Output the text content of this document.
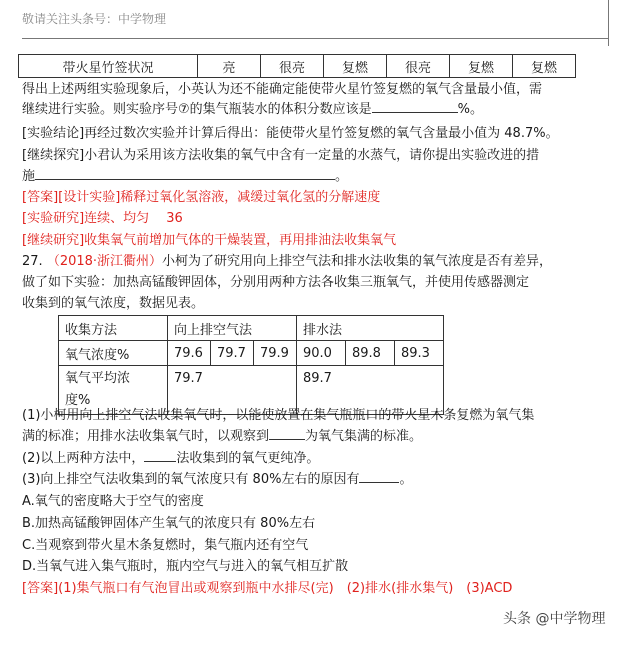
敬请关注头条号：中学物理
带火星竹签状况	亮	很亮	复燃	很亮	复燃	复燃
得出上述两组实验现象后，小英认为还不能确定能使带火星竹签复燃的氧气含量最小值，需
继续进行实验。则实验序号⑦的集气瓶装水的体积分数应该是	%。
[实验结论]再经过数次实验并计算后得出：能使带火星竹签复燃的氧气含量最小值为 48.7%。
[继续探究]小君认为采用该方法收集的氧气中含有一定量的水蒸气，请你提出实验改进的措
施	。
[答案][设计实验]稀释过氧化氢溶液，减缓过氧化氢的分解速度
[实验研究]连续、均匀　 36
[继续研究]收集氧气前增加气体的干燥装置，再用排油法收集氧气
27. （2018·浙江衢州）小柯为了研究用向上排空气法和排水法收集的氧气浓度是否有差异，
做了如下实验：加热高锰酸钾固体，分别用两种方法各收集三瓶氧气，并使用传感器测定
收集到的氧气浓度，数据见表。
收集方法	向上排空气法			排水法		
氧气浓度%	79.6	79.7	79.9	90.0	89.8	89.3

氧气平均浓
度%	79.7			89.7		
(1)小柯用向上排空气法收集氧气时，以能使放置在集气瓶瓶口的带火星木条复燃为氧气集
满的标准；用排水法收集氧气时，以观察到	为氧气集满的标准。
(2)以上两种方法中， 法收集到的氧气更纯净。
(3)向上排空气法收集到的氧气浓度只有 80%左右的原因有	。
A.氧气的密度略大于空气的密度
B.加热高锰酸钾固体产生氧气的浓度只有 80%左右
C.当观察到带火星木条复燃时，集气瓶内还有空气
D.当氧气进入集气瓶时，瓶内空气与进入的氧气相互扩散
[答案](1)集气瓶口有气泡冒出或观察到瓶中水排尽(完)　(2)排水(排水集气)　(3)ACD
头条 @中学物理
